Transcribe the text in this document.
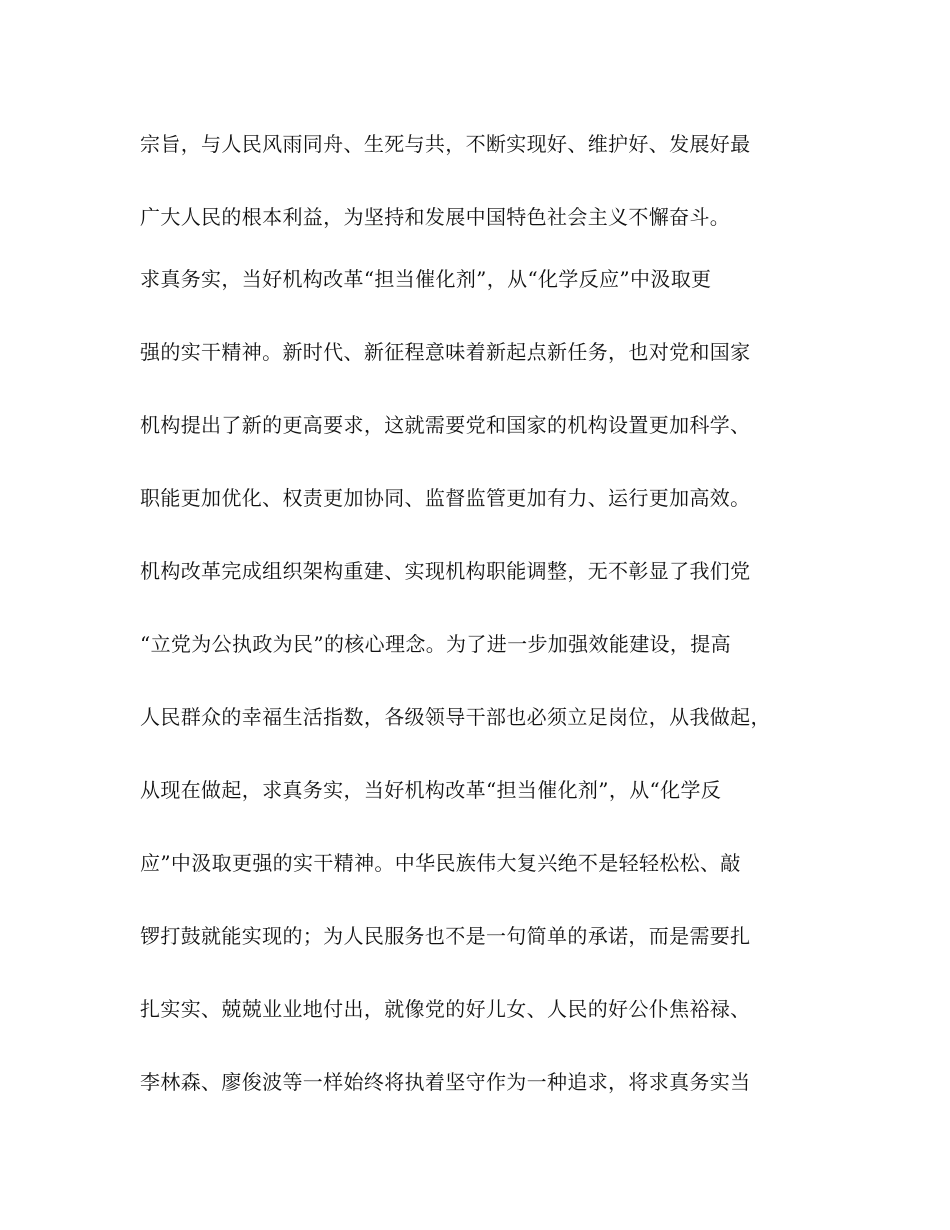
宗旨，与人民风雨同舟、生死与共，不断实现好、维护好、发展好最

广大人民的根本利益，为坚持和发展中国特色社会主义不懈奋斗。

求真务实，当好机构改革“担当催化剂”，从“化学反应”中汲取更

强的实干精神。新时代、新征程意味着新起点新任务，也对党和国家

机构提出了新的更高要求，这就需要党和国家的机构设置更加科学、

职能更加优化、权责更加协同、监督监管更加有力、运行更加高效。

机构改革完成组织架构重建、实现机构职能调整，无不彰显了我们党

“立党为公执政为民”的核心理念。为了进一步加强效能建设，提高

人民群众的幸福生活指数，各级领导干部也必须立足岗位，从我做起，

从现在做起，求真务实，当好机构改革“担当催化剂”，从“化学反

应”中汲取更强的实干精神。中华民族伟大复兴绝不是轻轻松松、敲

锣打鼓就能实现的；为人民服务也不是一句简单的承诺，而是需要扎

扎实实、兢兢业业地付出，就像党的好儿女、人民的好公仆焦裕禄、

李林森、廖俊波等一样始终将执着坚守作为一种追求，将求真务实当
